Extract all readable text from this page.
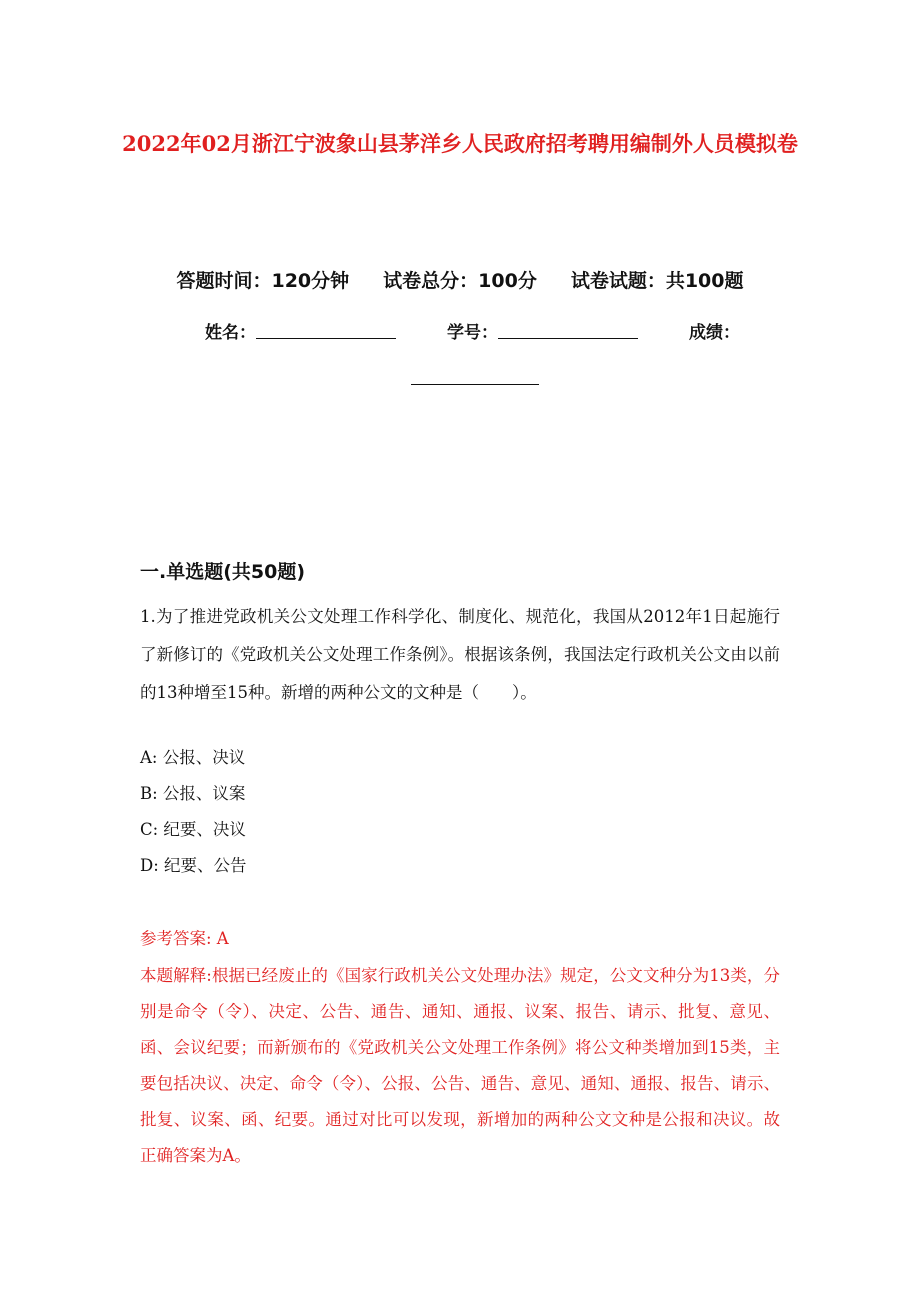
2022年02月浙江宁波象山县茅洋乡人民政府招考聘用编制外人员模拟卷
答题时间：120分钟 试卷总分：100分 试卷试题：共100题
姓名：	学号：	成绩：
一.单选题(共50题)
1.为了推进党政机关公文处理工作科学化、制度化、规范化，我国从2012年1日起施行了新修订的《党政机关公文处理工作条例》。根据该条例，我国法定行政机关公文由以前的13种增至15种。新增的两种公文的文种是（　　）。
A: 公报、决议
B: 公报、议案
C: 纪要、决议
D: 纪要、公告
参考答案: A
本题解释:根据已经废止的《国家行政机关公文处理办法》规定，公文文种分为13类，分别是命令（令）、决定、公告、通告、通知、通报、议案、报告、请示、批复、意见、函、会议纪要；而新颁布的《党政机关公文处理工作条例》将公文种类增加到15类，主要包括决议、决定、命令（令）、公报、公告、通告、意见、通知、通报、报告、请示、批复、议案、函、纪要。通过对比可以发现，新增加的两种公文文种是公报和决议。故正确答案为A。
